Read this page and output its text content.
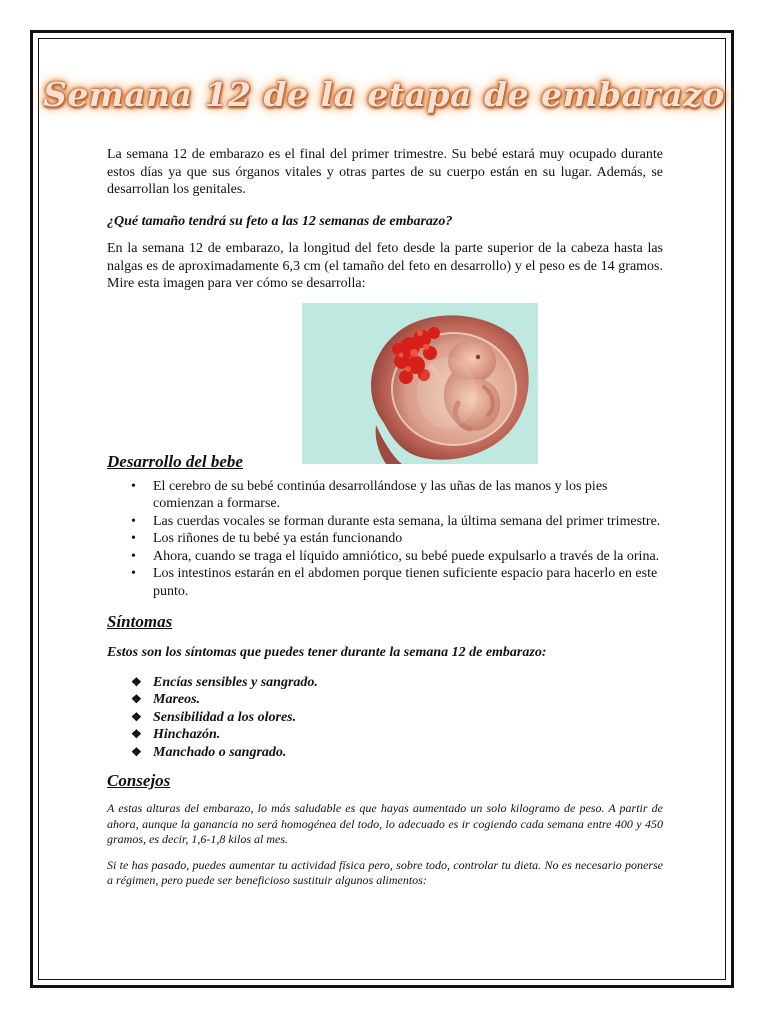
Semana 12 de la etapa de embarazo

La semana 12 de embarazo es el final del primer trimestre. Su bebé estará muy ocupado durante estos días ya que sus órganos vitales y otras partes de su cuerpo están en su lugar. Además, se desarrollan los genitales.

¿Qué tamaño tendrá su feto a las 12 semanas de embarazo?

En la semana 12 de embarazo, la longitud del feto desde la parte superior de la cabeza hasta las nalgas es de aproximadamente 6,3 cm (el tamaño del feto en desarrollo) y el peso es de 14 gramos. Mire esta imagen para ver cómo se desarrolla:

Desarrollo del bebe
• El cerebro de su bebé continúa desarrollándose y las uñas de las manos y los pies comienzan a formarse.
• Las cuerdas vocales se forman durante esta semana, la última semana del primer trimestre.
• Los riñones de tu bebé ya están funcionando
• Ahora, cuando se traga el líquido amniótico, su bebé puede expulsarlo a través de la orina.
• Los intestinos estarán en el abdomen porque tienen suficiente espacio para hacerlo en este punto.
Síntomas

Estos son los síntomas que puedes tener durante la semana 12 de embarazo:

❖ Encías sensibles y sangrado.
❖ Mareos.
❖ Sensibilidad a los olores.
❖ Hinchazón.
❖ Manchado o sangrado.
Consejos

A estas alturas del embarazo, lo más saludable es que hayas aumentado un solo kilogramo de peso. A partir de ahora, aunque la ganancia no será homogénea del todo, lo adecuado es ir cogiendo cada semana entre 400 y 450 gramos, es decir, 1,6-1,8 kilos al mes.

Si te has pasado, puedes aumentar tu actividad física pero, sobre todo, controlar tu dieta. No es necesario ponerse a régimen, pero puede ser beneficioso sustituir algunos alimentos:
